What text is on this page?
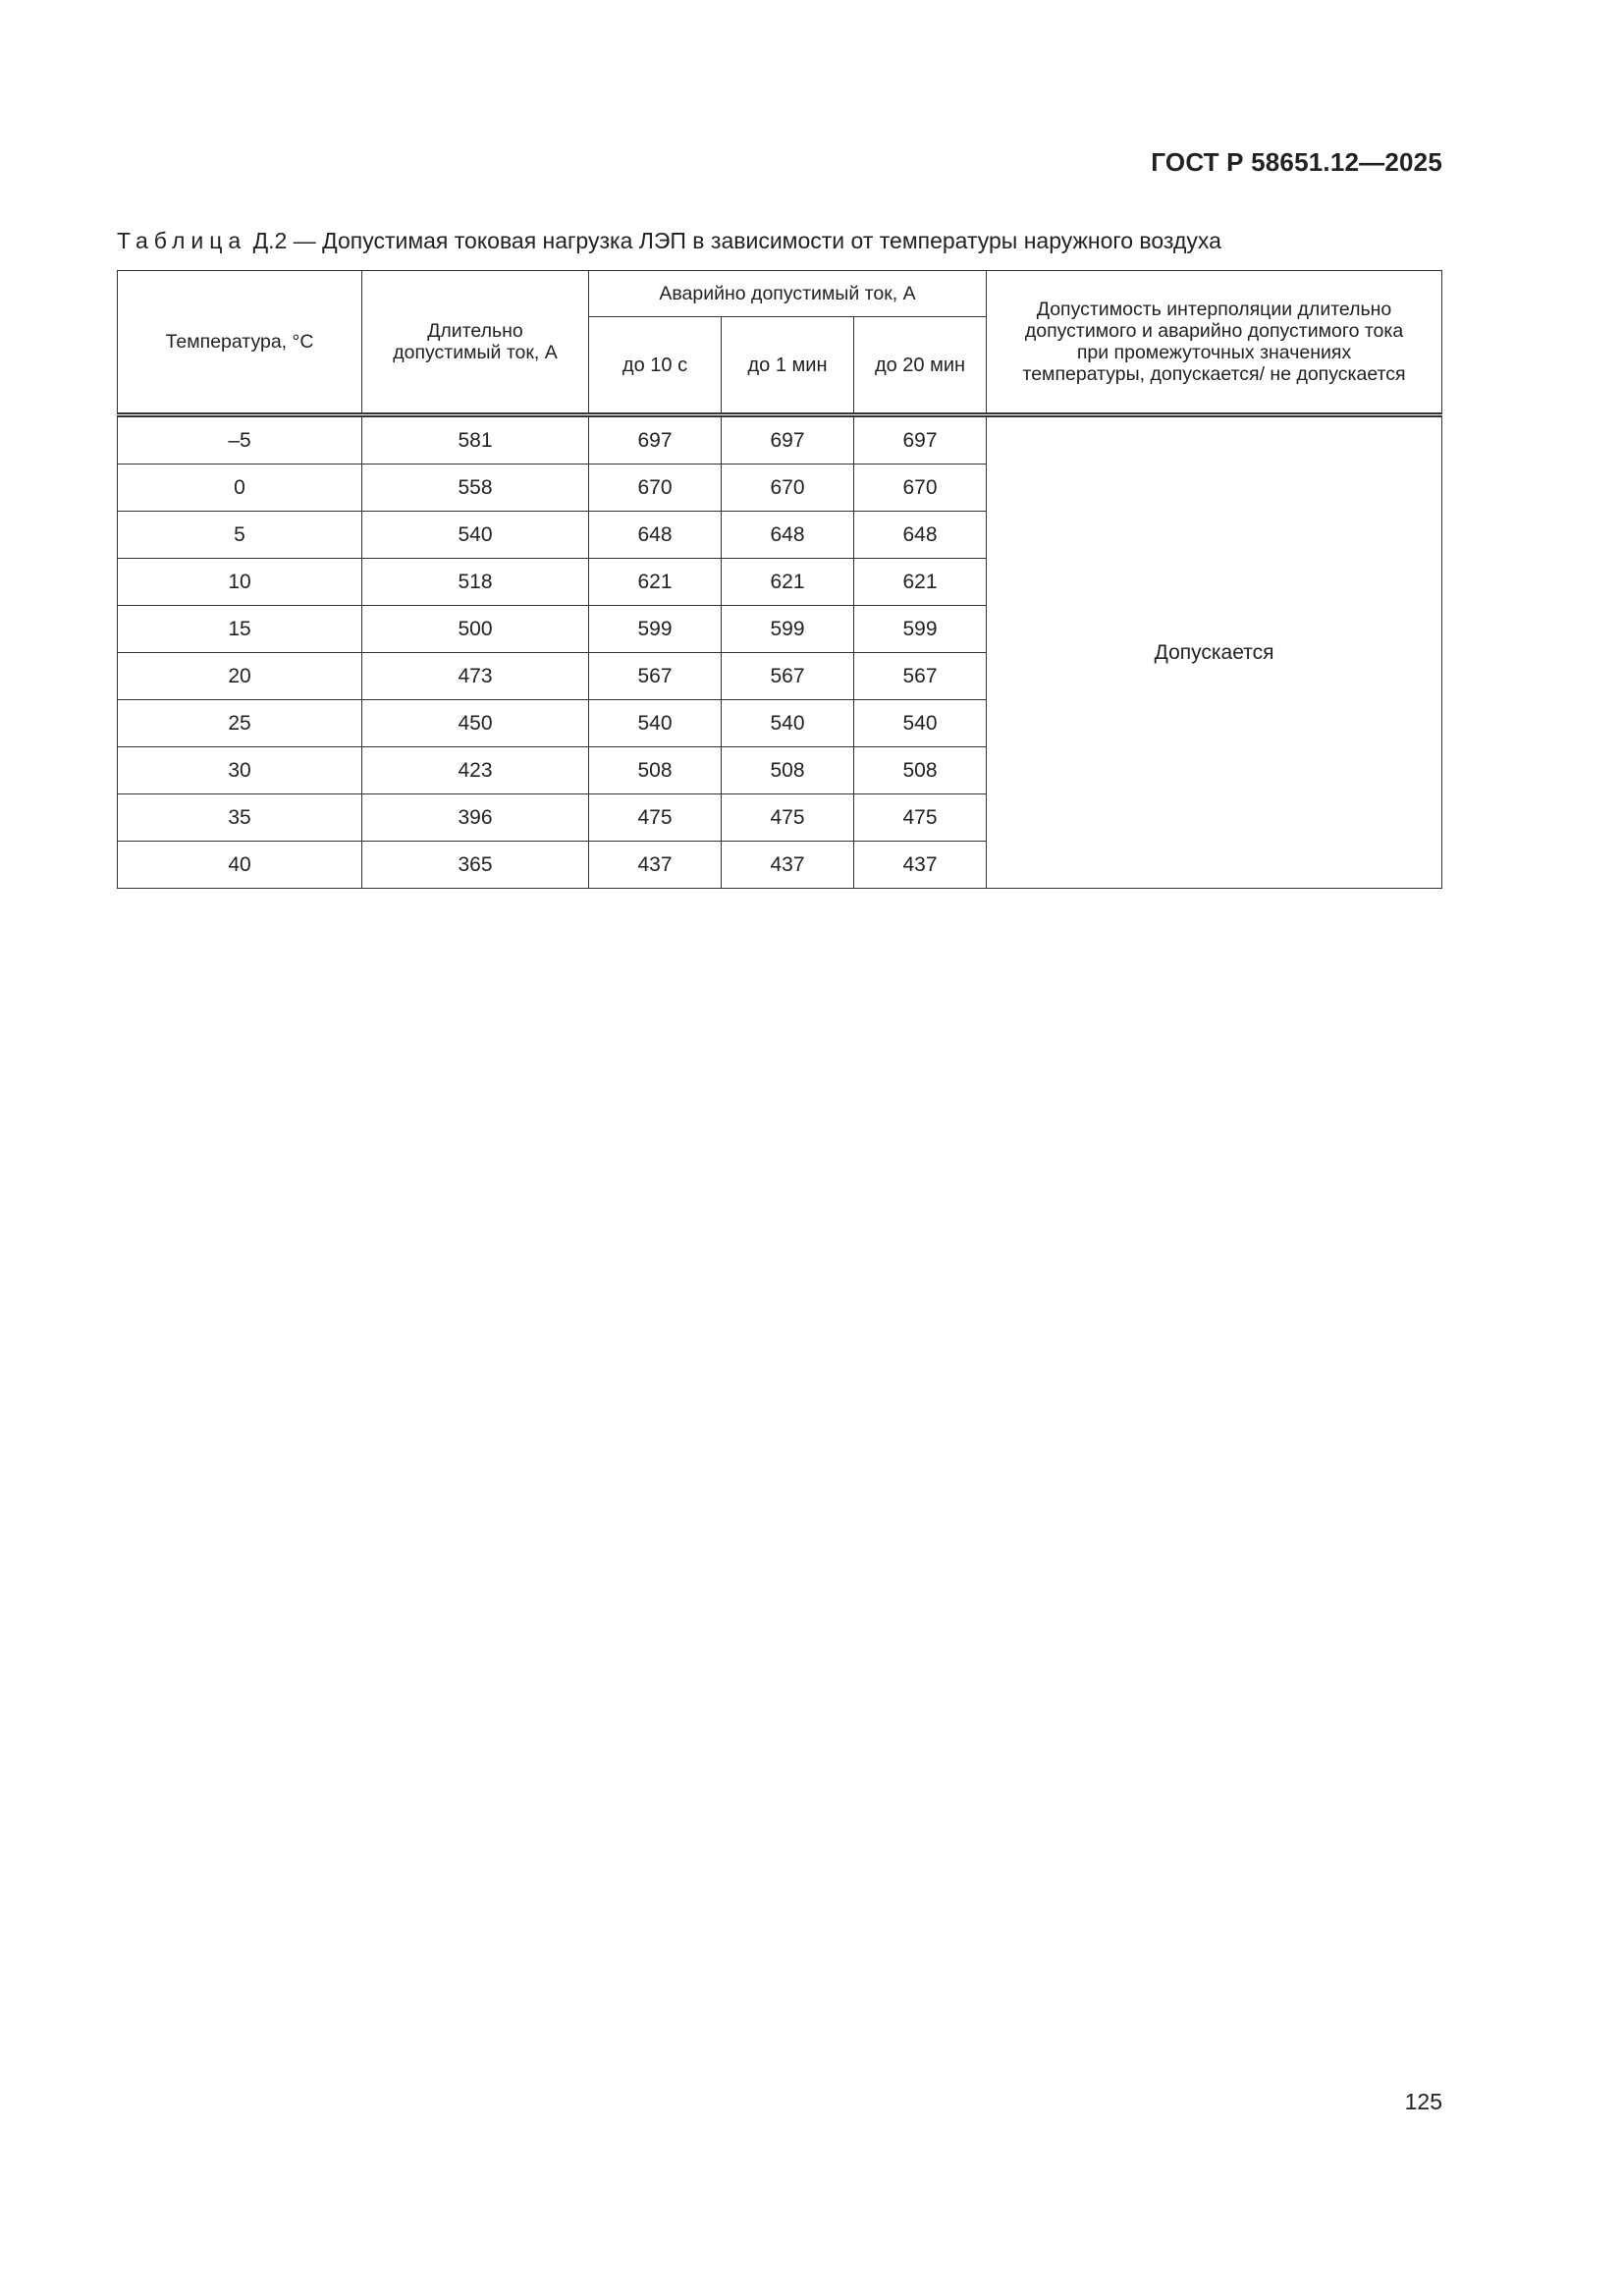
ГОСТ Р 58651.12—2025
Таблица Д.2 — Допустимая токовая нагрузка ЛЭП в зависимости от температуры наружного воздуха
Температура, °С	Длительно допустимый ток, А	Аварийно допустимый ток, А			Допустимость интерполяции длительно допустимого и аварийно допустимого тока при промежуточных значениях температуры, допускается/ не допускается
		до 10 с	до 1 мин	до 20 мин	
–5	581	697	697	697	Допускается
0	558	670	670	670	
5	540	648	648	648	
10	518	621	621	621	
15	500	599	599	599	
20	473	567	567	567	
25	450	540	540	540	
30	423	508	508	508	
35	396	475	475	475	
40	365	437	437	437	
125
